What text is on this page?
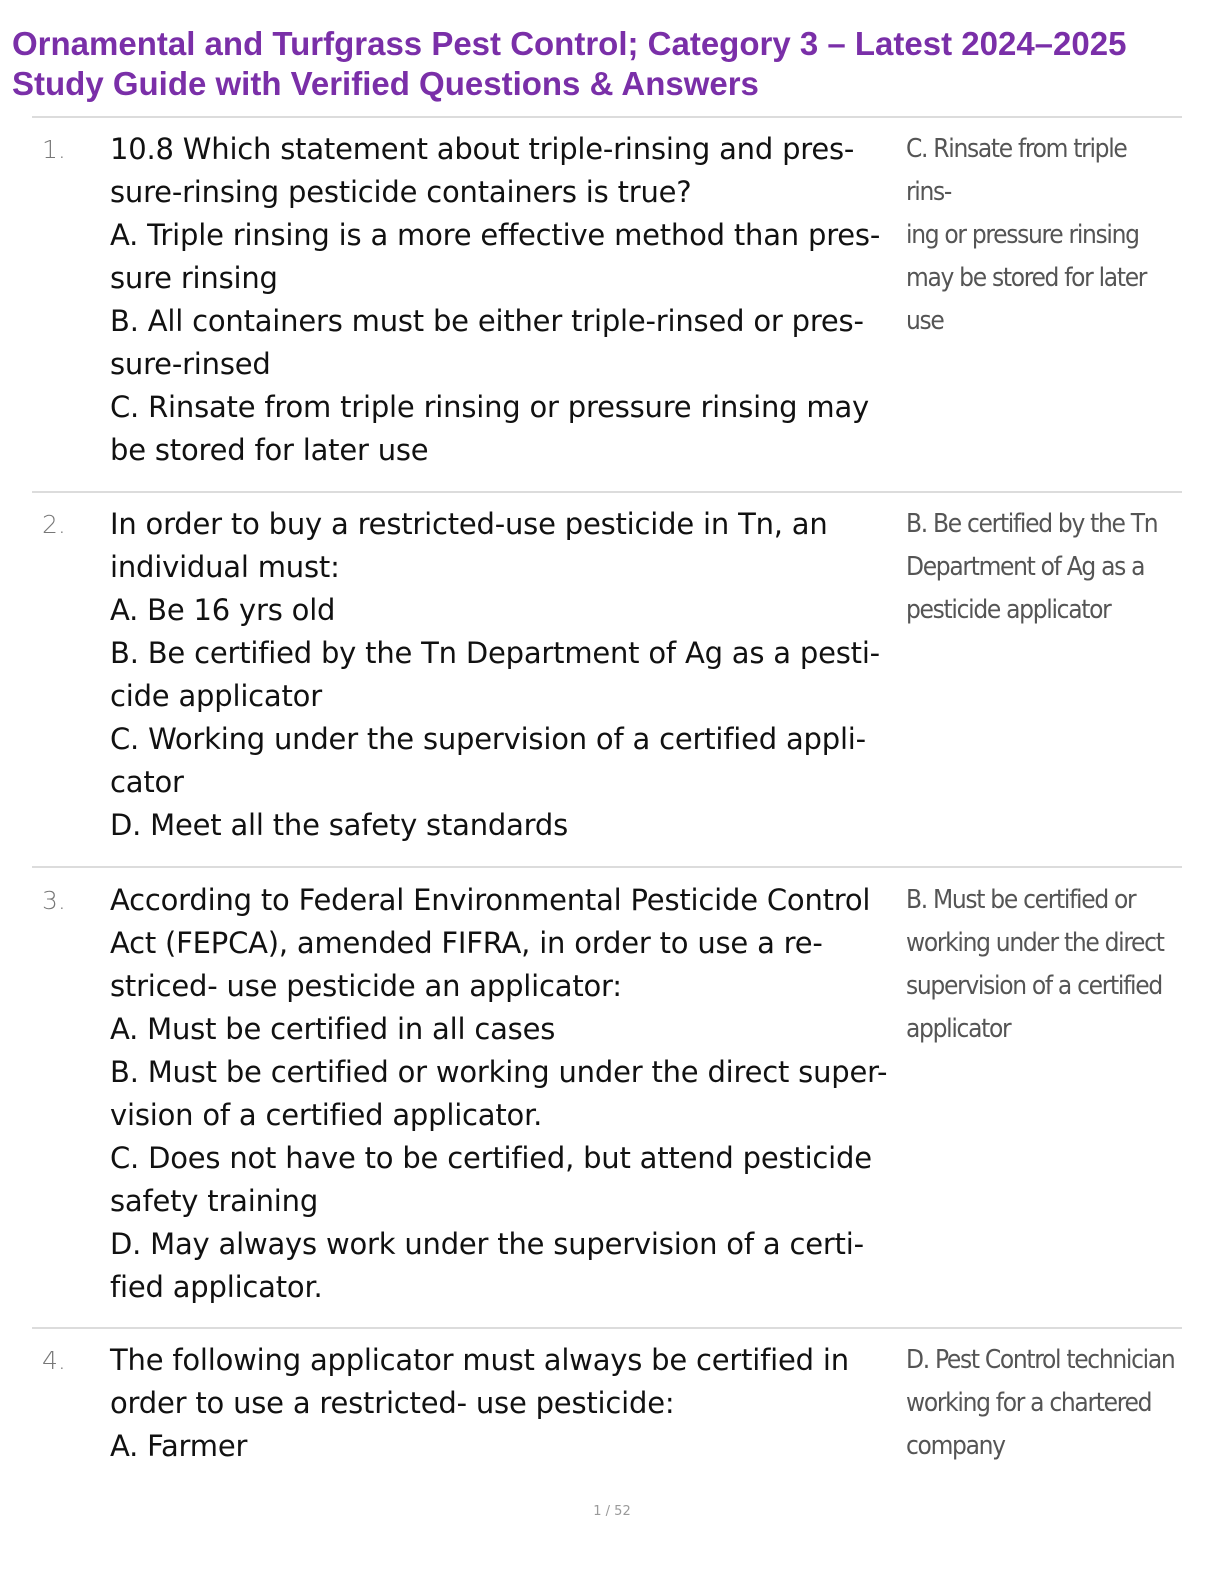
Ornamental and Turfgrass Pest Control; Category 3 – Latest 2024–2025 Study Guide with Verified Questions & Answers
1. 10.8 Which statement about triple-rinsing and pres-
sure-rinsing pesticide containers is true?
A. Triple rinsing is a more effective method than pres-
sure rinsing
B. All containers must be either triple-rinsed or pres-
sure-rinsed
C. Rinsate from triple rinsing or pressure rinsing may
be stored for later use
C. Rinsate from triple rins-
ing or pressure rinsing
may be stored for later use
2. In order to buy a restricted-use pesticide in Tn, an
individual must:
A. Be 16 yrs old
B. Be certified by the Tn Department of Ag as a pesti-
cide applicator
C. Working under the supervision of a certified appli-
cator
D. Meet all the safety standards
B. Be certified by the Tn
Department of Ag as a
pesticide applicator
3. According to Federal Environmental Pesticide Control
Act (FEPCA), amended FIFRA, in order to use a re-
striced- use pesticide an applicator:
A. Must be certified in all cases
B. Must be certified or working under the direct super-
vision of a certified applicator.
C. Does not have to be certified, but attend pesticide
safety training
D. May always work under the supervision of a certi-
fied applicator.
B. Must be certified or
working under the direct
supervision of a certified
applicator
4. The following applicator must always be certified in
order to use a restricted- use pesticide:
A. Farmer
D. Pest Control technician
working for a chartered
company
1 / 52
